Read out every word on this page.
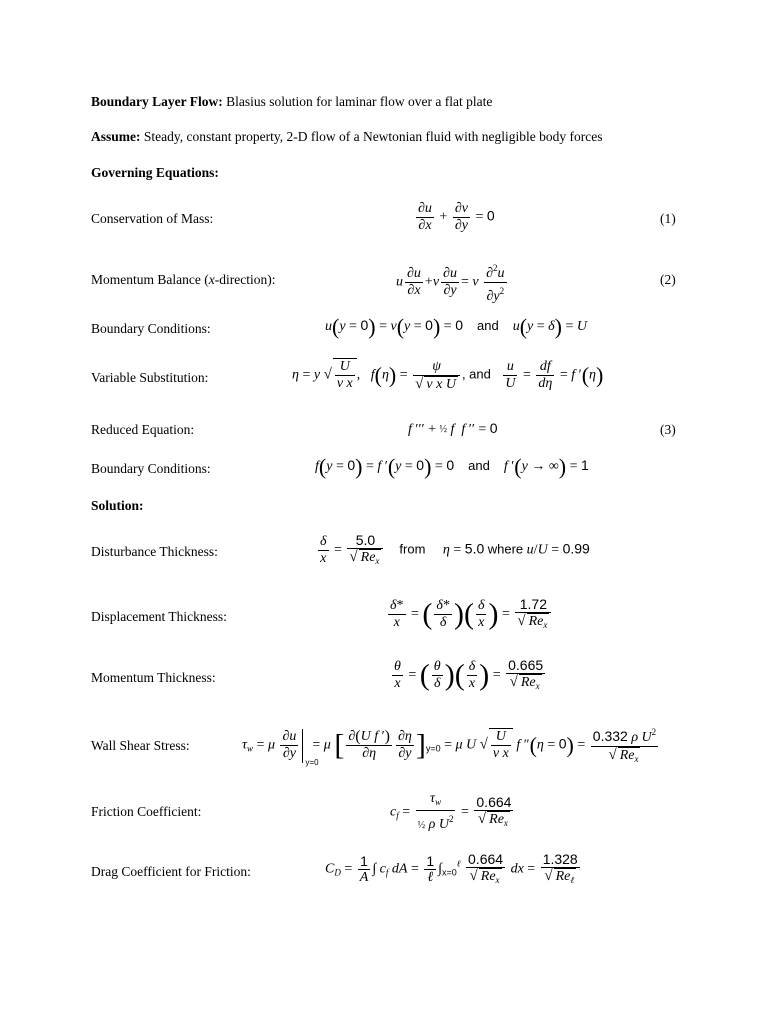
Boundary Layer Flow: Blasius solution for laminar flow over a flat plate
Assume: Steady, constant property, 2-D flow of a Newtonian fluid with negligible body forces
Governing Equations:
Conservation of Mass:	$\frac{\partial u}{\partial x} + \frac{\partial v}{\partial y} = 0$	(1)
Momentum Balance (x-direction):	u $\frac{\partial u}{\partial x} +v \frac{\partial u}{\partial y} = \nu \frac{\partial^2u}{\partial y^2}$	(2)
Boundary Conditions:	u(y = 0) = v(y = 0) = 0 and u(y = δ) = U
Variable Substitution:	η = y √ $\frac{U}{\text{ν x}}$ ,   $f(\eta) = \frac{\psi}{\text{√ ν x U}}$ , and $\frac{u}{U} = \frac{df}{d\eta} = f$ ′(η)
Reduced Equation:	f ′′′ + ½ f f ′′ = 0	(3)
Boundary Conditions:	f(y = 0) = f ′(y = 0) = 0 and f ′(y → ∞) = 1
Solution:
Disturbance Thickness:	$\frac{\delta}{x} = \frac{5.0}{√ Re_x}$ from η = 5.0 where u/U = 0.99
Displacement Thickness:	$\frac{\delta*}{x}$ = ( $\frac{\delta*}{\delta}$ )( $\frac{\delta}{x}$ ) = $\frac{1.72}{√ Re_x}$
Momentum Thickness:	$\frac{\theta}{x}$ = ( $\frac{\theta}{\delta}$ )( $\frac{\delta}{x}$ ) = $\frac{0.665}{√ Re_x}$
Wall Shear Stress:	$\tau_w = \mu \frac{\partial u}{\partial y} y=0$
= μ [ $\frac{\text{∂(U f ′)}}{\partial\eta} \frac{\partial\eta}{\partial y} ]_{y=0} = \mu$ U √ $\frac{U}{\text{ν x}}$ f $''(\eta = 0) = \frac{0.332 \rho U^2}{√ Re_x}$
Friction Coefficient:	$c_f = \frac{\tau_w}{\frac{1}{2} \rho U^2} = \frac{0.664}{√ Re_x}$
Drag Coefficient for Friction:	$C_D = \frac{1}{A}$ ∫ $c_f$ dA = $\frac{1}{\text{ℓ}} \int_{x=0}^\ell \frac{0.664}{√ Re_x}$ dx = $\frac{1.328}{√ Re_\ell}$
